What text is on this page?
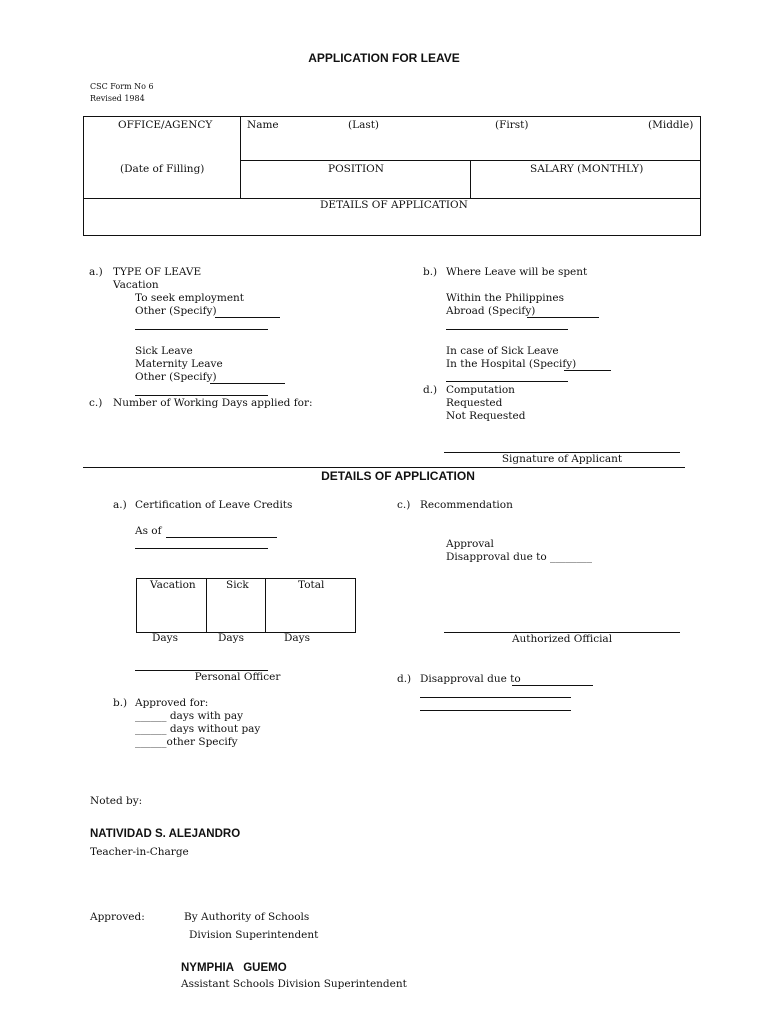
APPLICATION FOR LEAVE
CSC Form No 6
Revised 1984
OFFICE/AGENCY	Name	(Last)	(First)	(Middle)
(Date of Filling)	POSITION	SALARY (MONTHLY)
DETAILS OF APPLICATION
a.) TYPE OF LEAVE
Vacation
To seek employment
Other (Specify)
Sick Leave
Maternity Leave
Other (Specify)
c.) Number of Working Days applied for:
b.) Where Leave will be spent
Within the Philippines
Abroad (Specify)
In case of Sick Leave
In the Hospital (Specify)
d.) Computation
Requested
Not Requested
Signature of Applicant
DETAILS OF APPLICATION
a.) Certification of Leave Credits
As of
Vacation	Sick	Total
Days	Days	Days
Personal Officer
b.) Approved for:
______ days with pay
______ days without pay
______other Specify
c.) Recommendation
Approval
Disapproval due to ________
Authorized Official
d.) Disapproval due to
Noted by:
NATIVIDAD S. ALEJANDRO
Teacher-in-Charge
Approved:	By Authority of Schools
Division Superintendent
NYMPHIA   GUEMO
Assistant Schools Division Superintendent
